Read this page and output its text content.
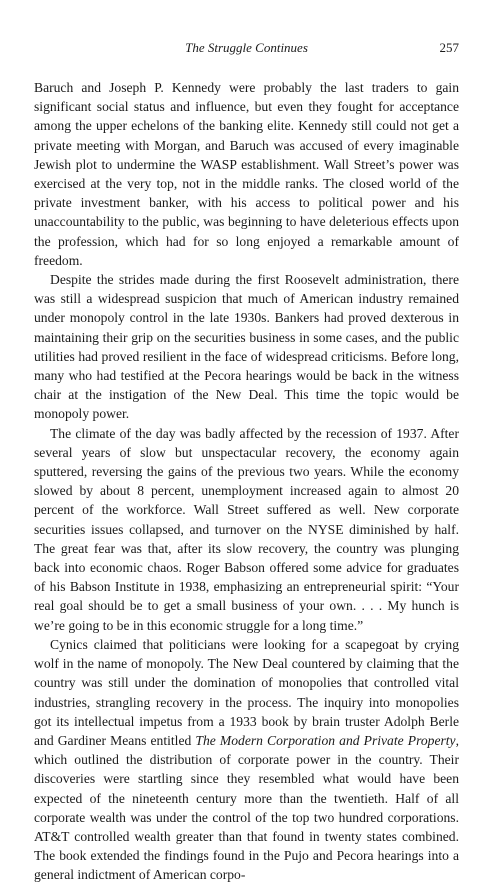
The Struggle Continues	257

Baruch and Joseph P. Kennedy were probably the last traders to gain significant social status and influence, but even they fought for acceptance among the upper echelons of the banking elite. Kennedy still could not get a private meeting with Morgan, and Baruch was accused of every imaginable Jewish plot to undermine the WASP establishment. Wall Street’s power was exercised at the very top, not in the middle ranks. The closed world of the private investment banker, with his access to political power and his unaccountability to the public, was beginning to have deleterious effects upon the profession, which had for so long enjoyed a remarkable amount of freedom.

Despite the strides made during the first Roosevelt administration, there was still a widespread suspicion that much of American industry remained under monopoly control in the late 1930s. Bankers had proved dexterous in maintaining their grip on the securities business in some cases, and the public utilities had proved resilient in the face of widespread criticisms. Before long, many who had testified at the Pecora hearings would be back in the witness chair at the instigation of the New Deal. This time the topic would be monopoly power.

The climate of the day was badly affected by the recession of 1937. After several years of slow but unspectacular recovery, the economy again sputtered, reversing the gains of the previous two years. While the economy slowed by about 8 percent, unemployment increased again to almost 20 percent of the workforce. Wall Street suffered as well. New corporate securities issues collapsed, and turnover on the NYSE diminished by half. The great fear was that, after its slow recovery, the country was plunging back into economic chaos. Roger Babson offered some advice for graduates of his Babson Institute in 1938, emphasizing an entrepreneurial spirit: “Your real goal should be to get a small business of your own. . . . My hunch is we’re going to be in this economic struggle for a long time.”

Cynics claimed that politicians were looking for a scapegoat by crying wolf in the name of monopoly. The New Deal countered by claiming that the country was still under the domination of monopolies that controlled vital industries, strangling recovery in the process. The inquiry into monopolies got its intellectual impetus from a 1933 book by brain truster Adolph Berle and Gardiner Means entitled The Modern Corporation and Private Property, which outlined the distribution of corporate power in the country. Their discoveries were startling since they resembled what would have been expected of the nineteenth century more than the twentieth. Half of all corporate wealth was under the control of the top two hundred corporations. AT&T controlled wealth greater than that found in twenty states combined. The book extended the findings found in the Pujo and Pecora hearings into a general indictment of American corpo-
